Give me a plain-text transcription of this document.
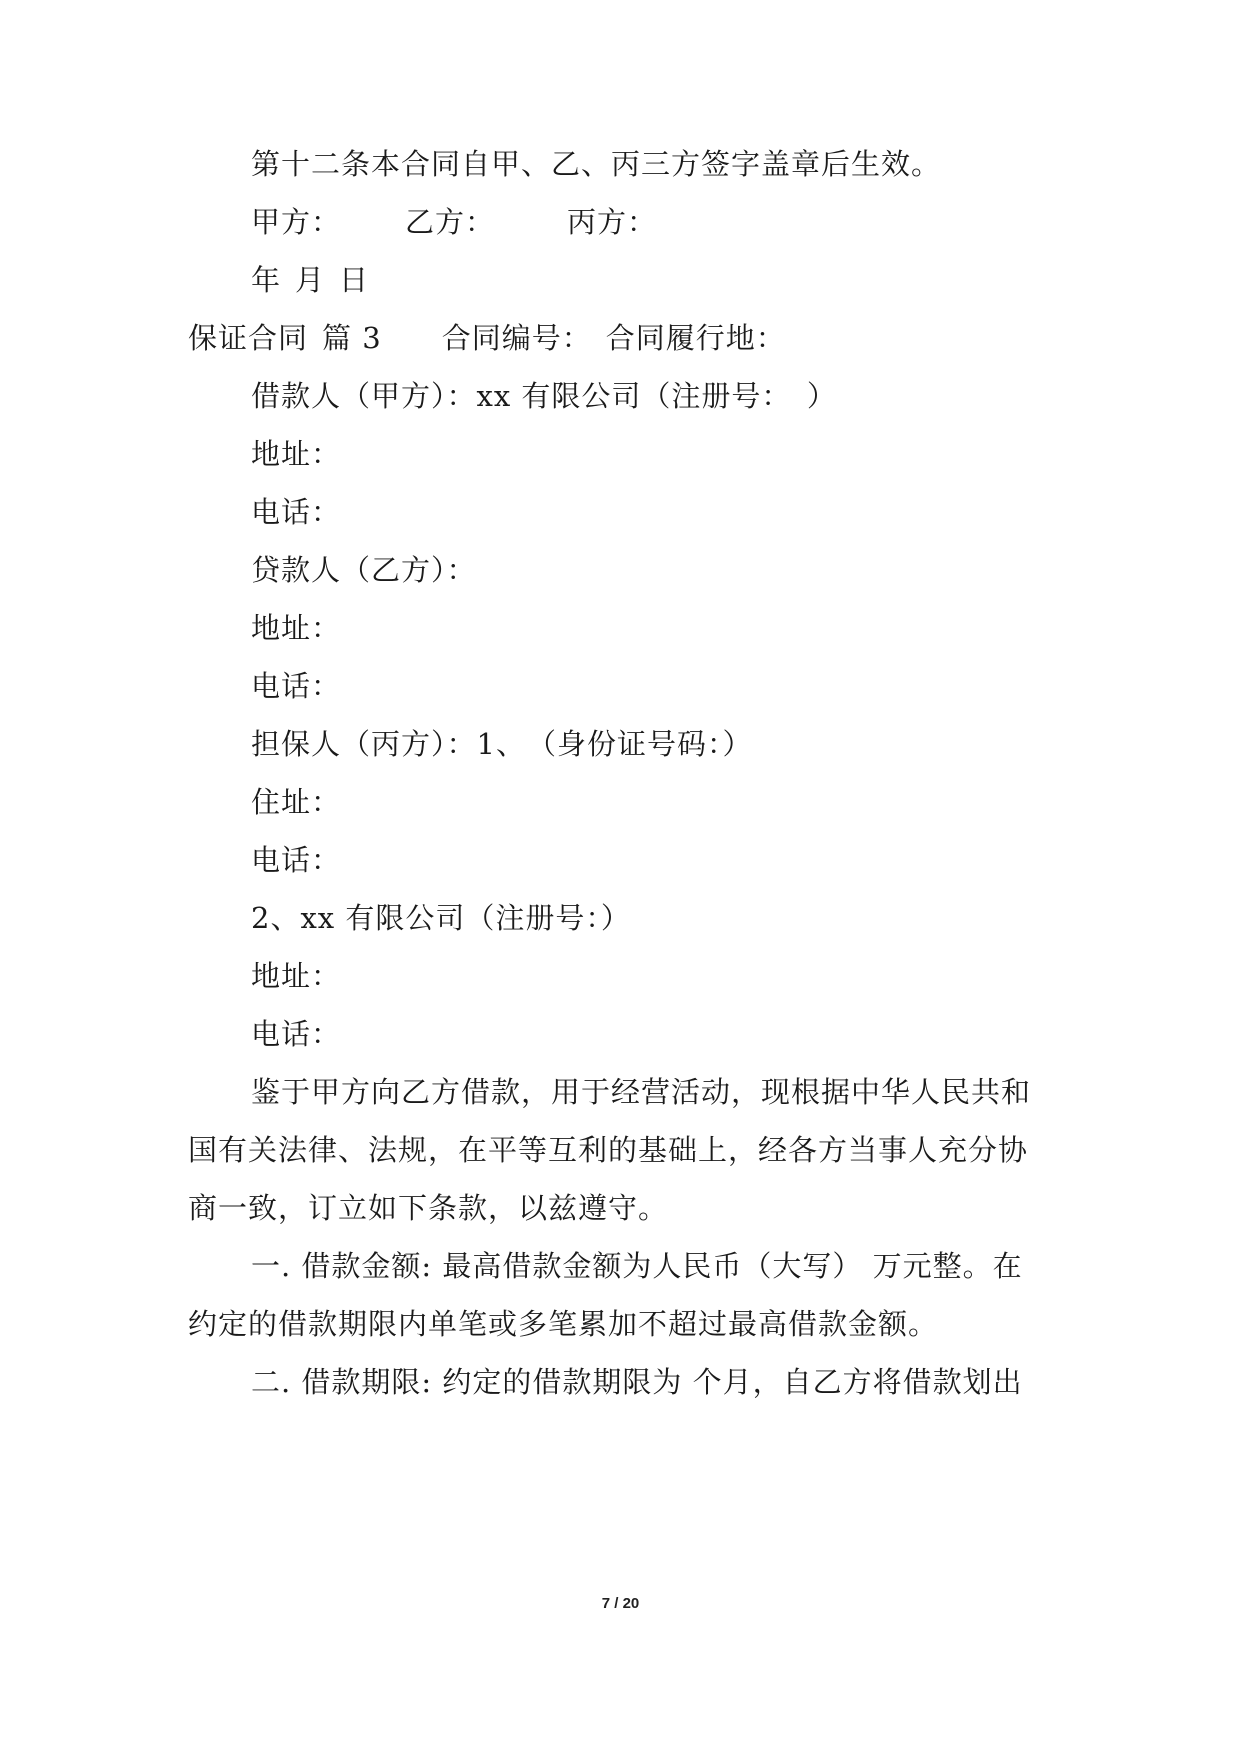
第十二条本合同自甲、乙、丙三方签字盖章后生效。
甲方： 乙方： 丙方：
年 月 日
保证合同 篇 3 合同编号： 合同履行地：
借款人（甲方）：xx 有限公司（注册号：　）
地址：
电话：
贷款人（乙方）：
地址：
电话：
担保人（丙方）：1、　（身份证号码：）
住址：
电话：
2、xx 有限公司（注册号：）
地址：
电话：
鉴于甲方向乙方借款，用于经营活动，现根据中华人民共和
国有关法律、法规，在平等互利的基础上，经各方当事人充分协
商一致，订立如下条款，以兹遵守。
一. 借款金额: 最高借款金额为人民币（大写） 万元整。在
约定的借款期限内单笔或多笔累加不超过最高借款金额。
二. 借款期限: 约定的借款期限为 个月，自乙方将借款划出
7 / 20
